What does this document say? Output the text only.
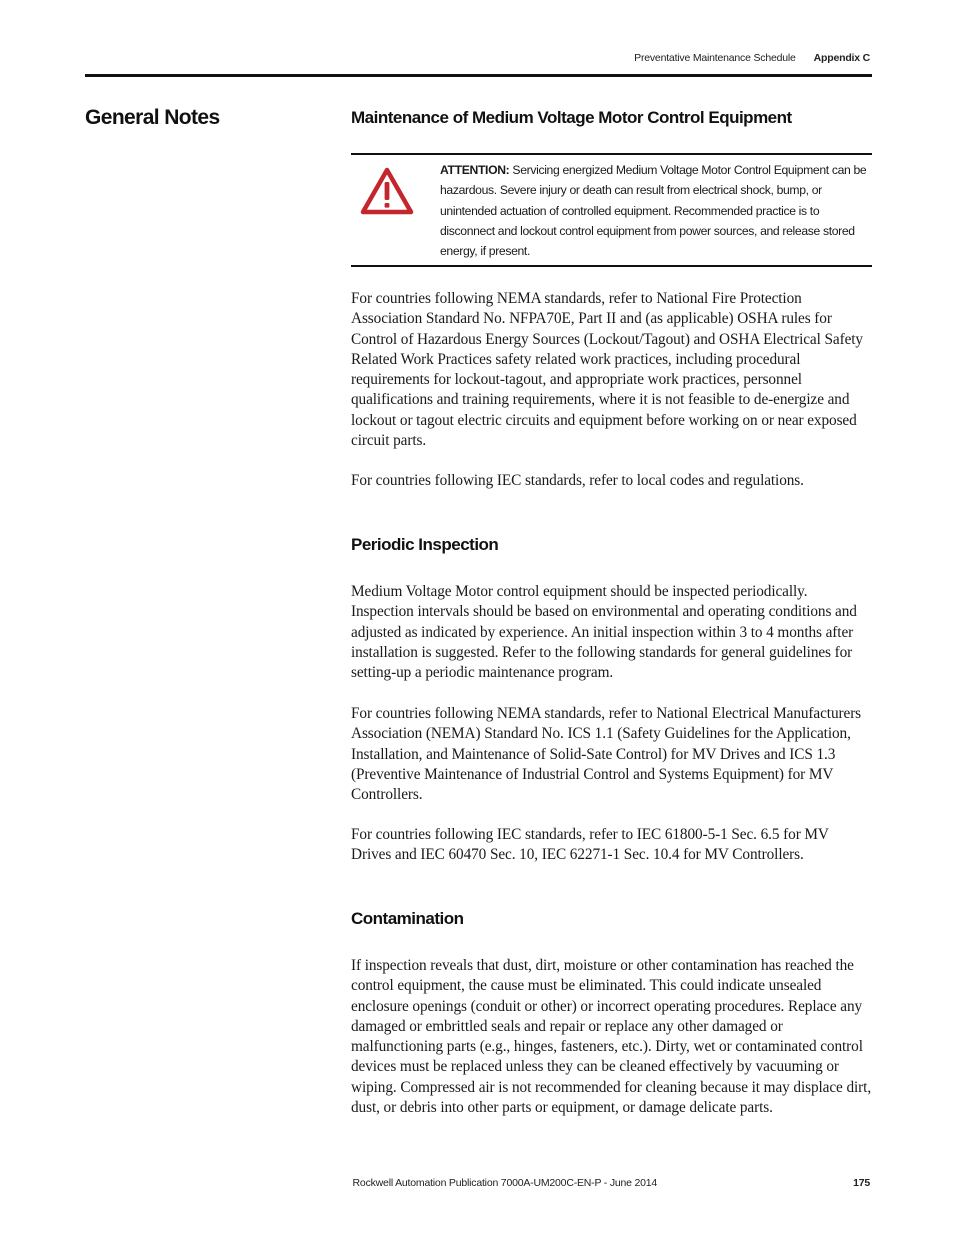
Preventative Maintenance Schedule Appendix C
General Notes	Maintenance of Medium Voltage Motor Control Equipment
ATTENTION: Servicing energized Medium Voltage Motor Control Equipment can be hazardous. Severe injury or death can result from electrical shock, bump, or unintended actuation of controlled equipment. Recommended practice is to disconnect and lockout control equipment from power sources, and release stored energy, if present.
For countries following NEMA standards, refer to National Fire Protection Association Standard No. NFPA70E, Part II and (as applicable) OSHA rules for Control of Hazardous Energy Sources (Lockout/Tagout) and OSHA Electrical Safety Related Work Practices safety related work practices, including procedural requirements for lockout-tagout, and appropriate work practices, personnel qualifications and training requirements, where it is not feasible to de-energize and lockout or tagout electric circuits and equipment before working on or near exposed circuit parts.
For countries following IEC standards, refer to local codes and regulations.
Periodic Inspection
Medium Voltage Motor control equipment should be inspected periodically. Inspection intervals should be based on environmental and operating conditions and adjusted as indicated by experience. An initial inspection within 3 to 4 months after installation is suggested. Refer to the following standards for general guidelines for setting-up a periodic maintenance program.
For countries following NEMA standards, refer to National Electrical Manufacturers Association (NEMA) Standard No. ICS 1.1 (Safety Guidelines for the Application, Installation, and Maintenance of Solid-Sate Control) for MV Drives and ICS 1.3 (Preventive Maintenance of Industrial Control and Systems Equipment) for MV Controllers.
For countries following IEC standards, refer to IEC 61800-5-1 Sec. 6.5 for MV Drives and IEC 60470 Sec. 10, IEC 62271-1 Sec. 10.4 for MV Controllers.
Contamination
If inspection reveals that dust, dirt, moisture or other contamination has reached the control equipment, the cause must be eliminated. This could indicate unsealed enclosure openings (conduit or other) or incorrect operating procedures. Replace any damaged or embrittled seals and repair or replace any other damaged or malfunctioning parts (e.g., hinges, fasteners, etc.). Dirty, wet or contaminated control devices must be replaced unless they can be cleaned effectively by vacuuming or wiping. Compressed air is not recommended for cleaning because it may displace dirt, dust, or debris into other parts or equipment, or damage delicate parts.
Rockwell Automation Publication 7000A-UM200C-EN-P - June 2014	175
